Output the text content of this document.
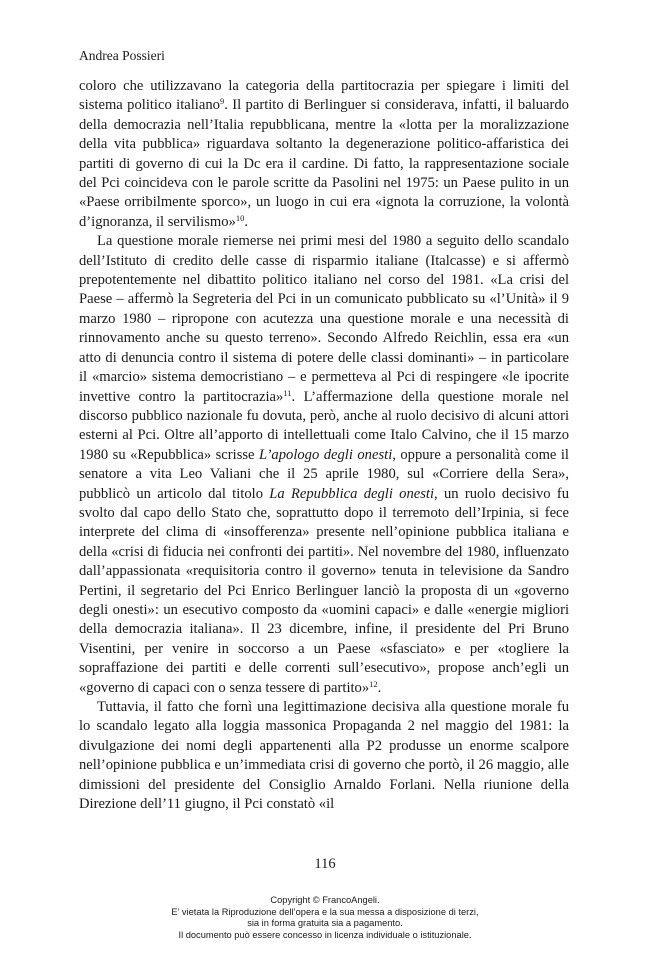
Andrea Possieri

coloro che utilizzavano la categoria della partitocrazia per spiegare i limiti del sistema politico italiano$^9$. Il partito di Berlinguer si considerava, infatti, il baluardo della democrazia nell’Italia repubblicana, mentre la «lotta per la moralizzazione della vita pubblica» riguardava soltanto la degenerazione politico-affaristica dei partiti di governo di cui la Dc era il cardine. Di fatto, la rappresentazione sociale del Pci coincideva con le parole scritte da Pasolini nel 1975: un Paese pulito in un «Paese orribilmente sporco», un luogo in cui era «ignota la corruzione, la volontà d’ignoranza, il servilismo»$^{10}$.

La questione morale riemerse nei primi mesi del 1980 a seguito dello scandalo dell’Istituto di credito delle casse di risparmio italiane (Italcasse) e si affermò prepotentemente nel dibattito politico italiano nel corso del 1981. «La crisi del Paese – affermò la Segreteria del Pci in un comunicato pubblicato su «l’Unità» il 9 marzo 1980 – ripropone con acutezza una questione morale e una necessità di rinnovamento anche su questo terreno». Secondo Alfredo Reichlin, essa era «un atto di denuncia contro il sistema di potere delle classi dominanti» – in particolare il «marcio» sistema democristiano – e permetteva al Pci di respingere «le ipocrite invettive contro la partitocrazia»$^{11}$. L’affermazione della questione morale nel discorso pubblico nazionale fu dovuta, però, anche al ruolo decisivo di alcuni attori esterni al Pci. Oltre all’apporto di intellettuali come Italo Calvino, che il 15 marzo 1980 su «Repubblica» scrisse L’apologo degli onesti, oppure a personalità come il senatore a vita Leo Valiani che il 25 aprile 1980, sul «Corriere della Sera», pubblicò un articolo dal titolo La Repubblica degli onesti, un ruolo decisivo fu svolto dal capo dello Stato che, soprattutto dopo il terremoto dell’Irpinia, si fece interprete del clima di «insofferenza» presente nell’opinione pubblica italiana e della «crisi di fiducia nei confronti dei partiti». Nel novembre del 1980, influenzato dall’appassionata «requisitoria contro il governo» tenuta in televisione da Sandro Pertini, il segretario del Pci Enrico Berlinguer lanciò la proposta di un «governo degli onesti»: un esecutivo composto da «uomini capaci» e dalle «energie migliori della democrazia italiana». Il 23 dicembre, infine, il presidente del Pri Bruno Visentini, per venire in soccorso a un Paese «sfasciato» e per «togliere la sopraffazione dei partiti e delle correnti sull’esecutivo», propose anch’egli un «governo di capaci con o senza tessere di partito»$^{12}$.

Tuttavia, il fatto che fornì una legittimazione decisiva alla questione morale fu lo scandalo legato alla loggia massonica Propaganda 2 nel maggio del 1981: la divulgazione dei nomi degli appartenenti alla P2 produsse un enorme scalpore nell’opinione pubblica e un’immediata crisi di governo che portò, il 26 maggio, alle dimissioni del presidente del Consiglio Arnaldo Forlani. Nella riunione della Direzione dell’11 giugno, il Pci constatò «il

116
Copyright © FrancoAngeli.
E’ vietata la Riproduzione dell’opera e la sua messa a disposizione di terzi,
sia in forma gratuita sia a pagamento.
Il documento può essere concesso in licenza individuale o istituzionale.
